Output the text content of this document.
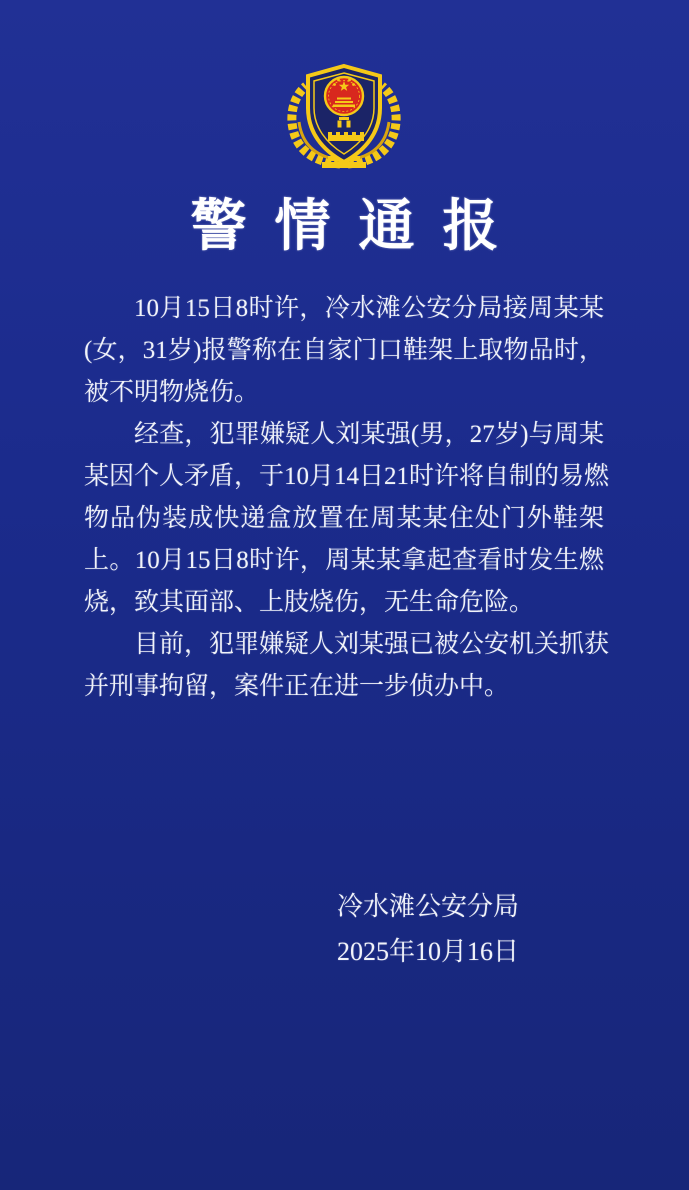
警情通报
10月15日8时许，冷水滩公安分局接周某某
(女，31岁)报警称在自家门口鞋架上取物品时，
被不明物烧伤。
经查，犯罪嫌疑人刘某强(男，27岁)与周某
某因个人矛盾，于10月14日21时许将自制的易燃
物品伪装成快递盒放置在周某某住处门外鞋架
上。10月15日8时许，周某某拿起查看时发生燃
烧，致其面部、上肢烧伤，无生命危险。
目前，犯罪嫌疑人刘某强已被公安机关抓获
并刑事拘留，案件正在进一步侦办中。
冷水滩公安分局
2025年10月16日
